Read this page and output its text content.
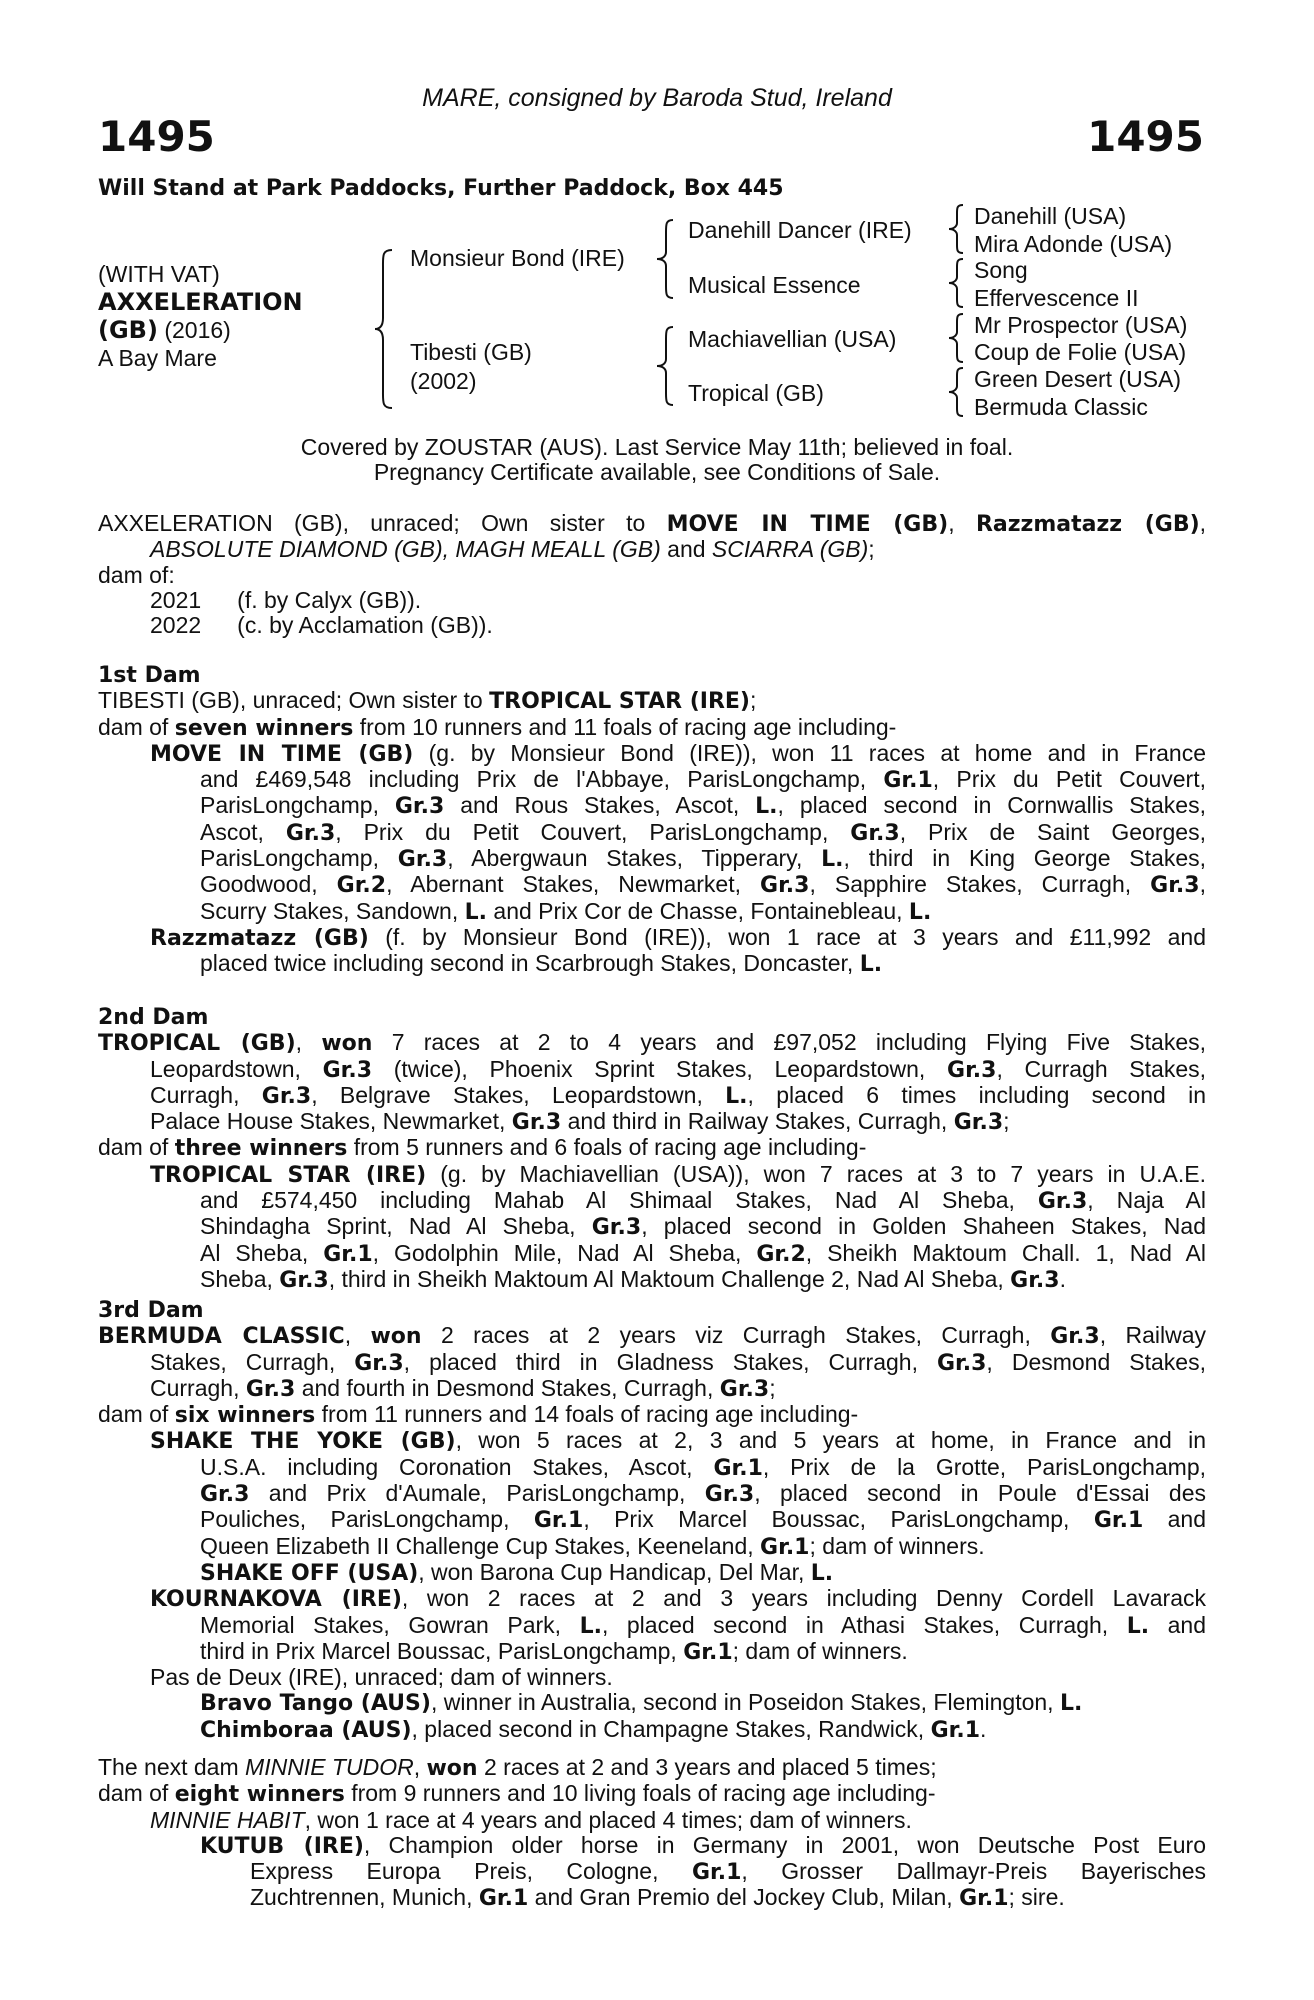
MARE, consigned by Baroda Stud, Ireland
1495	1495
Will Stand at Park Paddocks, Further Paddock, Box 445
(WITH VAT)
AXXELERATION
(GB) (2016)
A Bay Mare
Monsieur Bond (IRE)
Tibesti (GB)
(2002)
Danehill Dancer (IRE)
Musical Essence
Machiavellian (USA)
Tropical (GB)
Danehill (USA)
Mira Adonde (USA)
Song
Effervescence II
Mr Prospector (USA)
Coup de Folie (USA)
Green Desert (USA)
Bermuda Classic
Covered by ZOUSTAR (AUS). Last Service May 11th; believed in foal.
Pregnancy Certificate available, see Conditions of Sale.
AXXELERATION (GB), unraced; Own sister to MOVE IN TIME (GB), Razzmatazz (GB),
ABSOLUTE DIAMOND (GB), MAGH MEALL (GB) and SCIARRA (GB);
dam of:
2021 (f. by Calyx (GB)).
2022 (c. by Acclamation (GB)).
1st Dam
TIBESTI (GB), unraced; Own sister to TROPICAL STAR (IRE);
dam of seven winners from 10 runners and 11 foals of racing age including-
MOVE IN TIME (GB) (g. by Monsieur Bond (IRE)), won 11 races at home and in France
and £469,548 including Prix de l'Abbaye, ParisLongchamp, Gr.1, Prix du Petit Couvert,
ParisLongchamp, Gr.3 and Rous Stakes, Ascot, L., placed second in Cornwallis Stakes,
Ascot, Gr.3, Prix du Petit Couvert, ParisLongchamp, Gr.3, Prix de Saint Georges,
ParisLongchamp, Gr.3, Abergwaun Stakes, Tipperary, L., third in King George Stakes,
Goodwood, Gr.2, Abernant Stakes, Newmarket, Gr.3, Sapphire Stakes, Curragh, Gr.3,
Scurry Stakes, Sandown, L. and Prix Cor de Chasse, Fontainebleau, L.
Razzmatazz (GB) (f. by Monsieur Bond (IRE)), won 1 race at 3 years and £11,992 and
placed twice including second in Scarbrough Stakes, Doncaster, L.
2nd Dam
TROPICAL (GB), won 7 races at 2 to 4 years and £97,052 including Flying Five Stakes,
Leopardstown, Gr.3 (twice), Phoenix Sprint Stakes, Leopardstown, Gr.3, Curragh Stakes,
Curragh, Gr.3, Belgrave Stakes, Leopardstown, L., placed 6 times including second in
Palace House Stakes, Newmarket, Gr.3 and third in Railway Stakes, Curragh, Gr.3;
dam of three winners from 5 runners and 6 foals of racing age including-
TROPICAL STAR (IRE) (g. by Machiavellian (USA)), won 7 races at 3 to 7 years in U.A.E.
and £574,450 including Mahab Al Shimaal Stakes, Nad Al Sheba, Gr.3, Naja Al
Shindagha Sprint, Nad Al Sheba, Gr.3, placed second in Golden Shaheen Stakes, Nad
Al Sheba, Gr.1, Godolphin Mile, Nad Al Sheba, Gr.2, Sheikh Maktoum Chall. 1, Nad Al
Sheba, Gr.3, third in Sheikh Maktoum Al Maktoum Challenge 2, Nad Al Sheba, Gr.3.
3rd Dam
BERMUDA CLASSIC, won 2 races at 2 years viz Curragh Stakes, Curragh, Gr.3, Railway
Stakes, Curragh, Gr.3, placed third in Gladness Stakes, Curragh, Gr.3, Desmond Stakes,
Curragh, Gr.3 and fourth in Desmond Stakes, Curragh, Gr.3;
dam of six winners from 11 runners and 14 foals of racing age including-
SHAKE THE YOKE (GB), won 5 races at 2, 3 and 5 years at home, in France and in
U.S.A. including Coronation Stakes, Ascot, Gr.1, Prix de la Grotte, ParisLongchamp,
Gr.3 and Prix d'Aumale, ParisLongchamp, Gr.3, placed second in Poule d'Essai des
Pouliches, ParisLongchamp, Gr.1, Prix Marcel Boussac, ParisLongchamp, Gr.1 and
Queen Elizabeth II Challenge Cup Stakes, Keeneland, Gr.1; dam of winners.
SHAKE OFF (USA), won Barona Cup Handicap, Del Mar, L.
KOURNAKOVA (IRE), won 2 races at 2 and 3 years including Denny Cordell Lavarack
Memorial Stakes, Gowran Park, L., placed second in Athasi Stakes, Curragh, L. and
third in Prix Marcel Boussac, ParisLongchamp, Gr.1; dam of winners.
Pas de Deux (IRE), unraced; dam of winners.
Bravo Tango (AUS), winner in Australia, second in Poseidon Stakes, Flemington, L.
Chimboraa (AUS), placed second in Champagne Stakes, Randwick, Gr.1.
The next dam MINNIE TUDOR, won 2 races at 2 and 3 years and placed 5 times;
dam of eight winners from 9 runners and 10 living foals of racing age including-
MINNIE HABIT, won 1 race at 4 years and placed 4 times; dam of winners.
KUTUB (IRE), Champion older horse in Germany in 2001, won Deutsche Post Euro
Express Europa Preis, Cologne, Gr.1, Grosser Dallmayr-Preis Bayerisches
Zuchtrennen, Munich, Gr.1 and Gran Premio del Jockey Club, Milan, Gr.1; sire.
